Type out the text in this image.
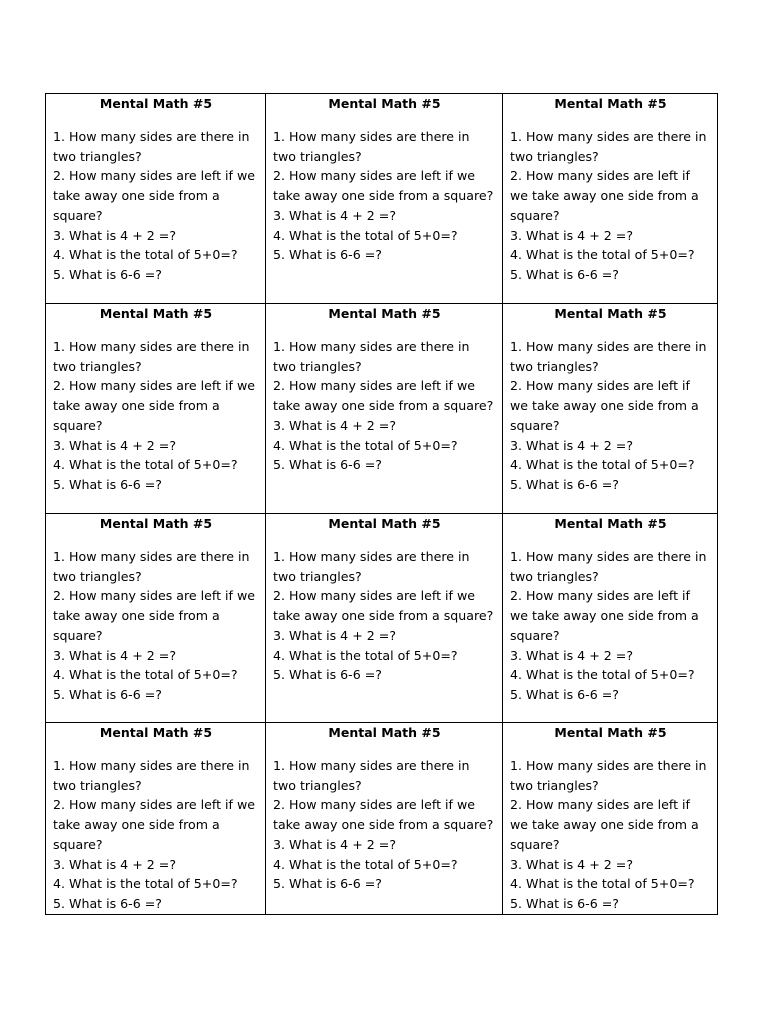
Mental Math #5
1. How many sides are there in two triangles?
2. How many sides are left if we take away one side from a square?
3. What is 4 + 2 =?
4. What is the total of 5+0=?
5. What is 6-6 =?
Mental Math #5
1. How many sides are there in two triangles?
2. How many sides are left if we take away one side from a square?
3. What is 4 + 2 =?
4. What is the total of 5+0=?
5. What is 6-6 =?
Mental Math #5
1. How many sides are there in two triangles?
2. How many sides are left if we take away one side from a square?
3. What is 4 + 2 =?
4. What is the total of 5+0=?
5. What is 6-6 =?
Mental Math #5
1. How many sides are there in two triangles?
2. How many sides are left if we take away one side from a square?
3. What is 4 + 2 =?
4. What is the total of 5+0=?
5. What is 6-6 =?
Mental Math #5
1. How many sides are there in two triangles?
2. How many sides are left if we take away one side from a square?
3. What is 4 + 2 =?
4. What is the total of 5+0=?
5. What is 6-6 =?
Mental Math #5
1. How many sides are there in two triangles?
2. How many sides are left if we take away one side from a square?
3. What is 4 + 2 =?
4. What is the total of 5+0=?
5. What is 6-6 =?
Mental Math #5
1. How many sides are there in two triangles?
2. How many sides are left if we take away one side from a square?
3. What is 4 + 2 =?
4. What is the total of 5+0=?
5. What is 6-6 =?
Mental Math #5
1. How many sides are there in two triangles?
2. How many sides are left if we take away one side from a square?
3. What is 4 + 2 =?
4. What is the total of 5+0=?
5. What is 6-6 =?
Mental Math #5
1. How many sides are there in two triangles?
2. How many sides are left if we take away one side from a square?
3. What is 4 + 2 =?
4. What is the total of 5+0=?
5. What is 6-6 =?
Mental Math #5
1. How many sides are there in two triangles?
2. How many sides are left if we take away one side from a square?
3. What is 4 + 2 =?
4. What is the total of 5+0=?
5. What is 6-6 =?
Mental Math #5
1. How many sides are there in two triangles?
2. How many sides are left if we take away one side from a square?
3. What is 4 + 2 =?
4. What is the total of 5+0=?
5. What is 6-6 =?
Mental Math #5
1. How many sides are there in two triangles?
2. How many sides are left if we take away one side from a square?
3. What is 4 + 2 =?
4. What is the total of 5+0=?
5. What is 6-6 =?
